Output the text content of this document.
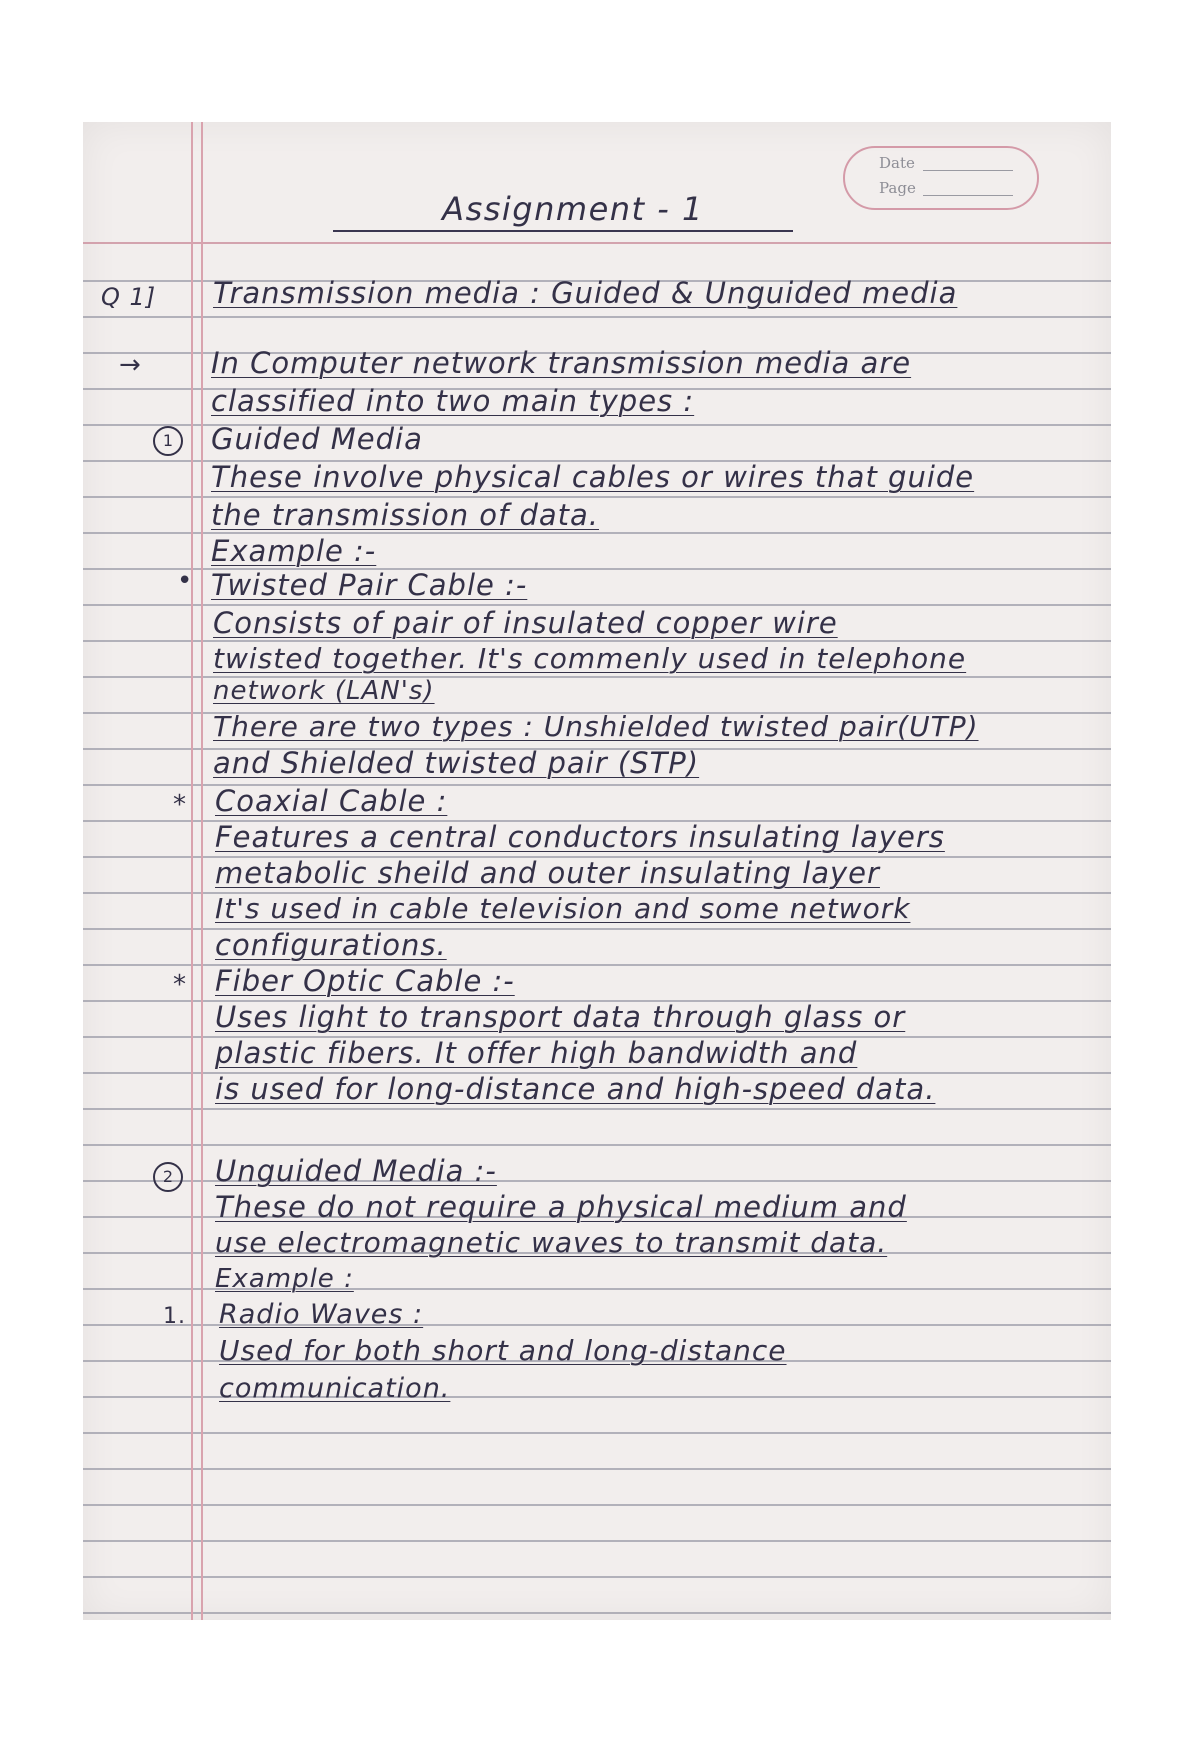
Date
Page
Assignment - 1
Q 1] Transmission media : Guided & Unguided media
→ In Computer network transmission media are
classified into two main types :
1	Guided Media
These involve physical cables or wires that guide
the transmission of data.
Example :-
• Twisted Pair Cable :-
Consists of pair of insulated copper wire
twisted together. It's commenly used in telephone
network (LAN's)
There are two types : Unshielded twisted pair(UTP)
and Shielded twisted pair (STP)
* Coaxial Cable :
Features a central conductors insulating layers
metabolic sheild and outer insulating layer
It's used in cable television and some network
configurations.
* Fiber Optic Cable :-
Uses light to transport data through glass or
plastic fibers. It offer high bandwidth and
is used for long-distance and high-speed data.
2	Unguided Media :-
These do not require a physical medium and
use electromagnetic waves to transmit data.
Example :
1. Radio Waves :
Used for both short and long-distance
communication.
